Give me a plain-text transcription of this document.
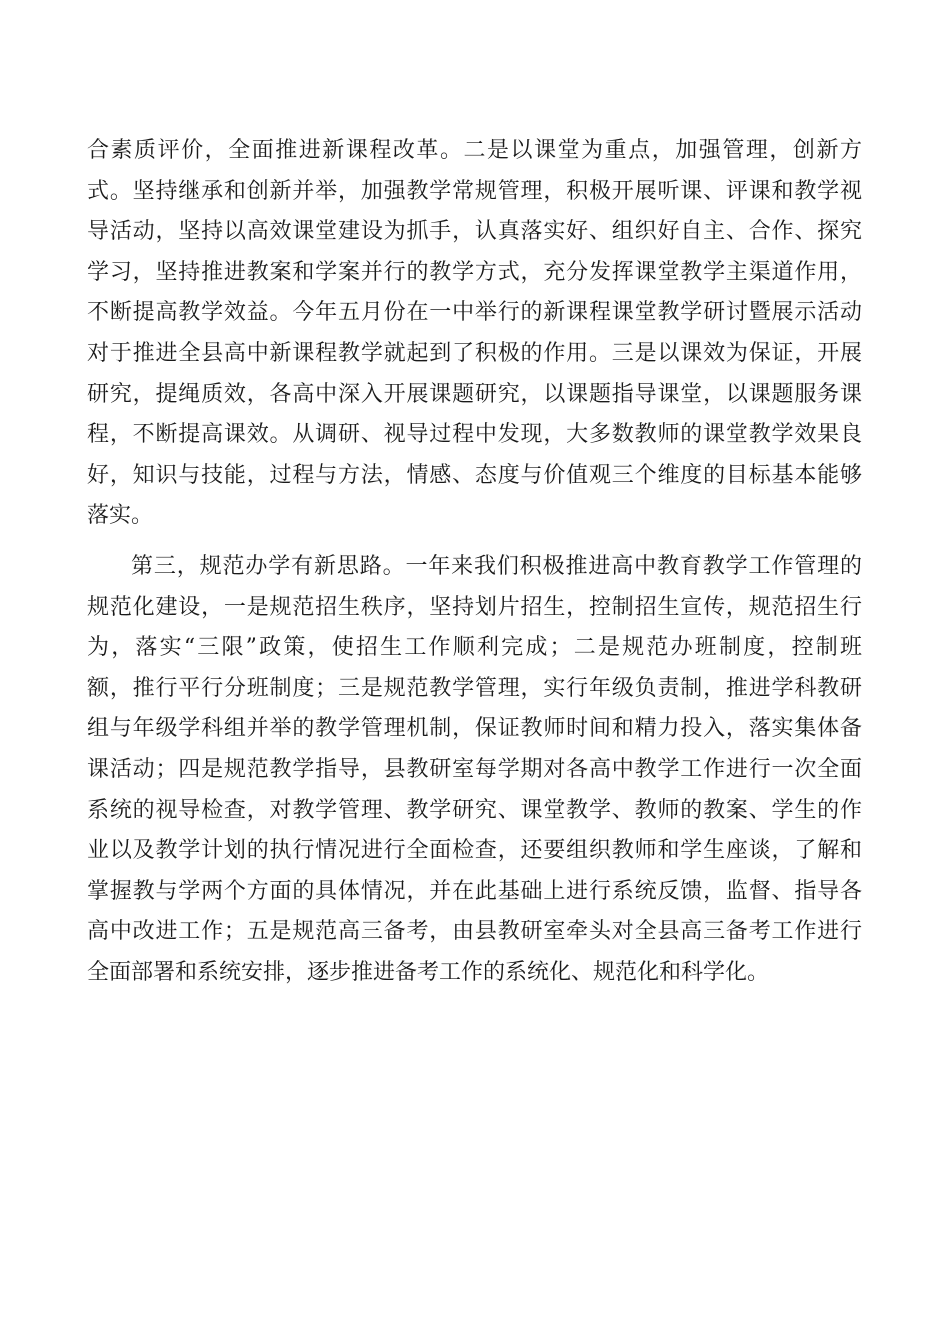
合素质评价，全面推进新课程改革。二是以课堂为重点，加强管理，创新方
式。坚持继承和创新并举，加强教学常规管理，积极开展听课、评课和教学视
导活动，坚持以高效课堂建设为抓手，认真落实好、组织好自主、合作、探究
学习，坚持推进教案和学案并行的教学方式，充分发挥课堂教学主渠道作用，
不断提高教学效益。今年五月份在一中举行的新课程课堂教学研讨暨展示活动
对于推进全县高中新课程教学就起到了积极的作用。三是以课效为保证，开展
研究，提绳质效，各高中深入开展课题研究，以课题指导课堂，以课题服务课
程，不断提高课效。从调研、视导过程中发现，大多数教师的课堂教学效果良
好，知识与技能，过程与方法，情感、态度与价值观三个维度的目标基本能够
落实。
第三，规范办学有新思路。一年来我们积极推进高中教育教学工作管理的
规范化建设，一是规范招生秩序，坚持划片招生，控制招生宣传，规范招生行
为，落实“三限”政策，使招生工作顺利完成；二是规范办班制度，控制班
额，推行平行分班制度；三是规范教学管理，实行年级负责制，推进学科教研
组与年级学科组并举的教学管理机制，保证教师时间和精力投入，落实集体备
课活动；四是规范教学指导，县教研室每学期对各高中教学工作进行一次全面
系统的视导检查，对教学管理、教学研究、课堂教学、教师的教案、学生的作
业以及教学计划的执行情况进行全面检查，还要组织教师和学生座谈，了解和
掌握教与学两个方面的具体情况，并在此基础上进行系统反馈，监督、指导各
高中改进工作；五是规范高三备考，由县教研室牵头对全县高三备考工作进行
全面部署和系统安排，逐步推进备考工作的系统化、规范化和科学化。
